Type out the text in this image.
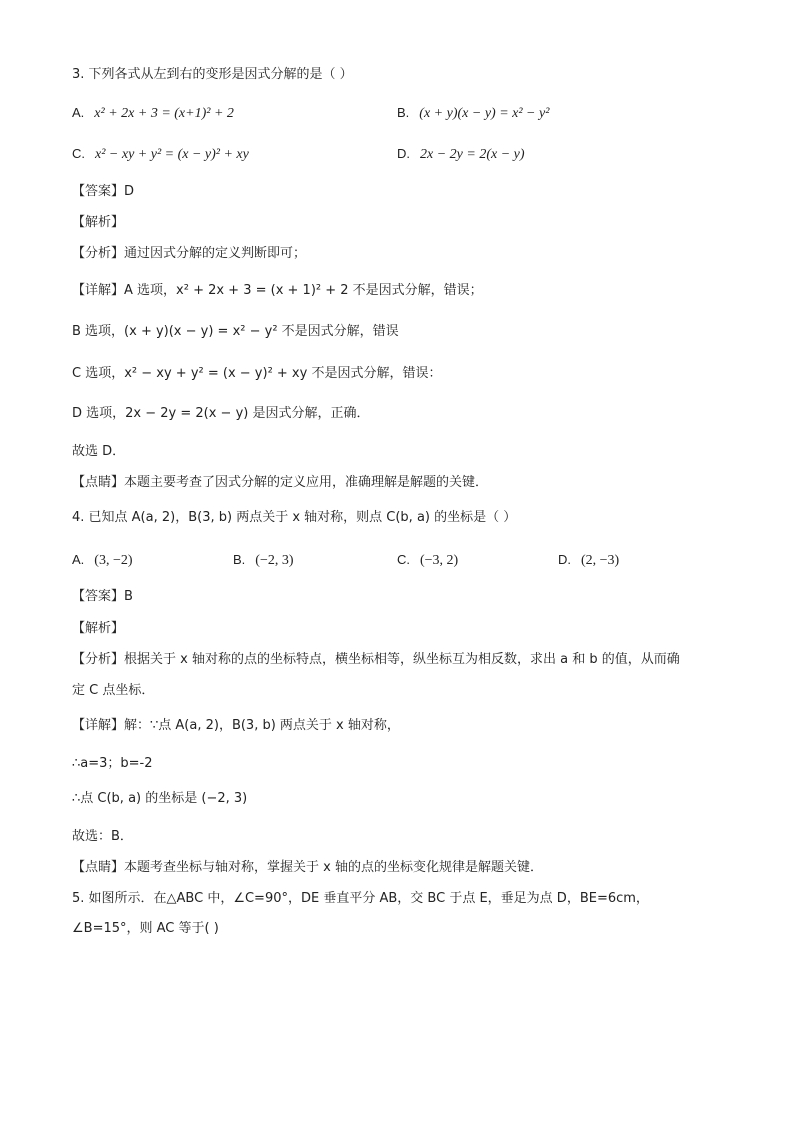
3. 下列各式从左到右的变形是因式分解的是（ ）
A. x² + 2x + 3 = (x+1)² + 2	B. (x + y)(x − y) = x² − y²
C. x² − xy + y² = (x − y)² + xy	D. 2x − 2y = 2(x − y)
【答案】D
【解析】
【分析】通过因式分解的定义判断即可；
【详解】A 选项，x² + 2x + 3 = (x + 1)² + 2 不是因式分解，错误；
B 选项，(x + y)(x − y) = x² − y² 不是因式分解，错误
C 选项，x² − xy + y² = (x − y)² + xy 不是因式分解，错误：
D 选项，2x − 2y = 2(x − y) 是因式分解，正确．
故选 D．
【点睛】本题主要考查了因式分解的定义应用，准确理解是解题的关键．
4. 已知点 A(a, 2)，B(3, b) 两点关于 x 轴对称，则点 C(b, a) 的坐标是（ ）
A. (3, −2)	B. (−2, 3)	C. (−3, 2)	D. (2, −3)
【答案】B
【解析】
【分析】根据关于 x 轴对称的点的坐标特点，横坐标相等，纵坐标互为相反数，求出 a 和 b 的值，从而确
定 C 点坐标．
【详解】解：∵点 A(a, 2)，B(3, b) 两点关于 x 轴对称，
∴a=3；b=-2
∴点 C(b, a) 的坐标是 (−2, 3)
故选：B．
【点睛】本题考查坐标与轴对称，掌握关于 x 轴的点的坐标变化规律是解题关键．
5. 如图所示．在△ABC 中，∠C=90°，DE 垂直平分 AB，交 BC 于点 E，垂足为点 D，BE=6cm，
∠B=15°，则 AC 等于( )
